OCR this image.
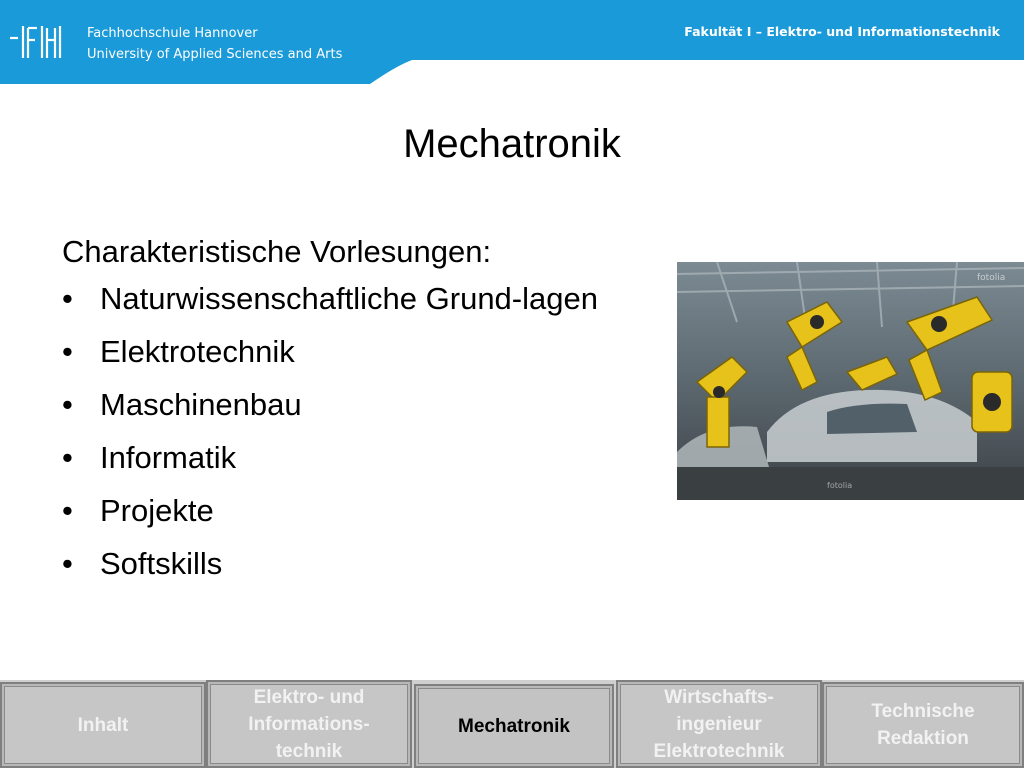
Fachhochschule Hannover
University of Applied Sciences and Arts
Fakultät I – Elektro- und Informationstechnik
Mechatronik
Charakteristische Vorlesungen:
• Naturwissenschaftliche Grund-lagen
• Elektrotechnik
• Maschinenbau
• Informatik
• Projekte
• Softskills
fotolia
fotolia
Inhalt
Elektro- und Informations-technik
Mechatronik
Wirtschafts-ingenieur Elektrotechnik
Technische Redaktion
